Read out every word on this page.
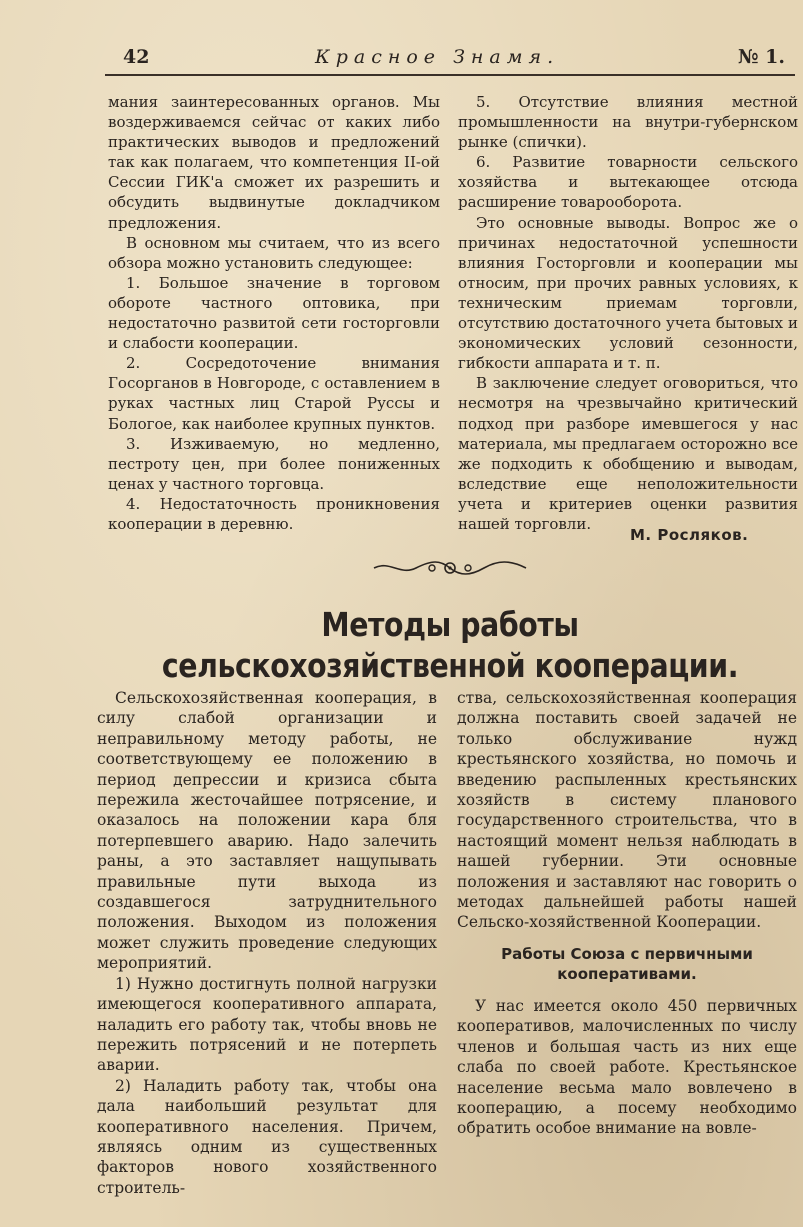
42	Красное Знамя.	№ 1.

мания заинтересованных органов. Мы воздерживаемся сейчас от каких либо практических выводов и предложений так как полагаем, что компетенция II-ой Сессии ГИК'а сможет их разрешить и обсудить выдвинутые докладчиком предложения.

В основном мы считаем, что из всего обзора можно установить следующее:

1. Большое значение в торговом обороте частного оптовика, при недостаточно развитой сети госторговли и слабости кооперации.

2. Сосредоточение внимания Госорганов в Новгороде, с оставлением в руках частных лиц Старой Руссы и Бологое, как наиболее крупных пунктов.

3. Изживаемую, но медленно, пестроту цен, при более пониженных ценах у частного торговца.

4. Недостаточность проникновения кооперации в деревню.

5. Отсутствие влияния местной промышленности на внутри-губернском рынке (спички).

6. Развитие товарности сельского хозяйства и вытекающее отсюда расширение товарооборота.

Это основные выводы. Вопрос же о причинах недостаточной успешности влияния Госторговли и кооперации мы относим, при прочих равных условиях, к техническим приемам торговли, отсутствию достаточного учета бытовых и экономических условий сезонности, гибкости аппарата и т. п.

В заключение следует оговориться, что несмотря на чрезвычайно критический подход при разборе имевшегося у нас материала, мы предлагаем осторожно все же подходить к обобщению и выводам, вследствие еще неположительности учета и критериев оценки развития нашей торговли.

М. Росляков.
Методы работы сельскохозяйственной кооперации.

Сельскохозяйственная кооперация, в силу слабой организации и неправильному методу работы, не соответствующему ее положению в период депрессии и кризиса сбыта пережила жесточайшее потрясение, и оказалось на положении кара бля потерпевшего аварию. Надо залечить раны, а это заставляет нащупывать правильные пути выхода из создавшегося затруднительного положения. Выходом из положения может служить проведение следующих мероприятий.

1) Нужно достигнуть полной нагрузки имеющегося кооперативного аппарата, наладить его работу так, чтобы вновь не пережить потрясений и не потерпеть аварии.

2) Наладить работу так, чтобы она дала наибольший результат для кооперативного населения. Причем, являясь одним из существенных факторов нового хозяйственного строитель-

ства, сельскохозяйственная кооперация должна поставить своей задачей не только обслуживание нужд крестьянского хозяйства, но помочь и введению распыленных крестьянских хозяйств в систему планового государственного строительства, что в настоящий момент нельзя наблюдать в нашей губернии. Эти основные положения и заставляют нас говорить о методах дальнейшей работы нашей Сельско-хозяйственной Кооперации.

Работы Союза с первичными кооперативами.

У нас имеется около 450 первичных кооперативов, малочисленных по числу членов и большая часть из них еще слаба по своей работе. Крестьянское население весьма мало вовлечено в кооперацию, а посему необходимо обратить особое внимание на вовле-
